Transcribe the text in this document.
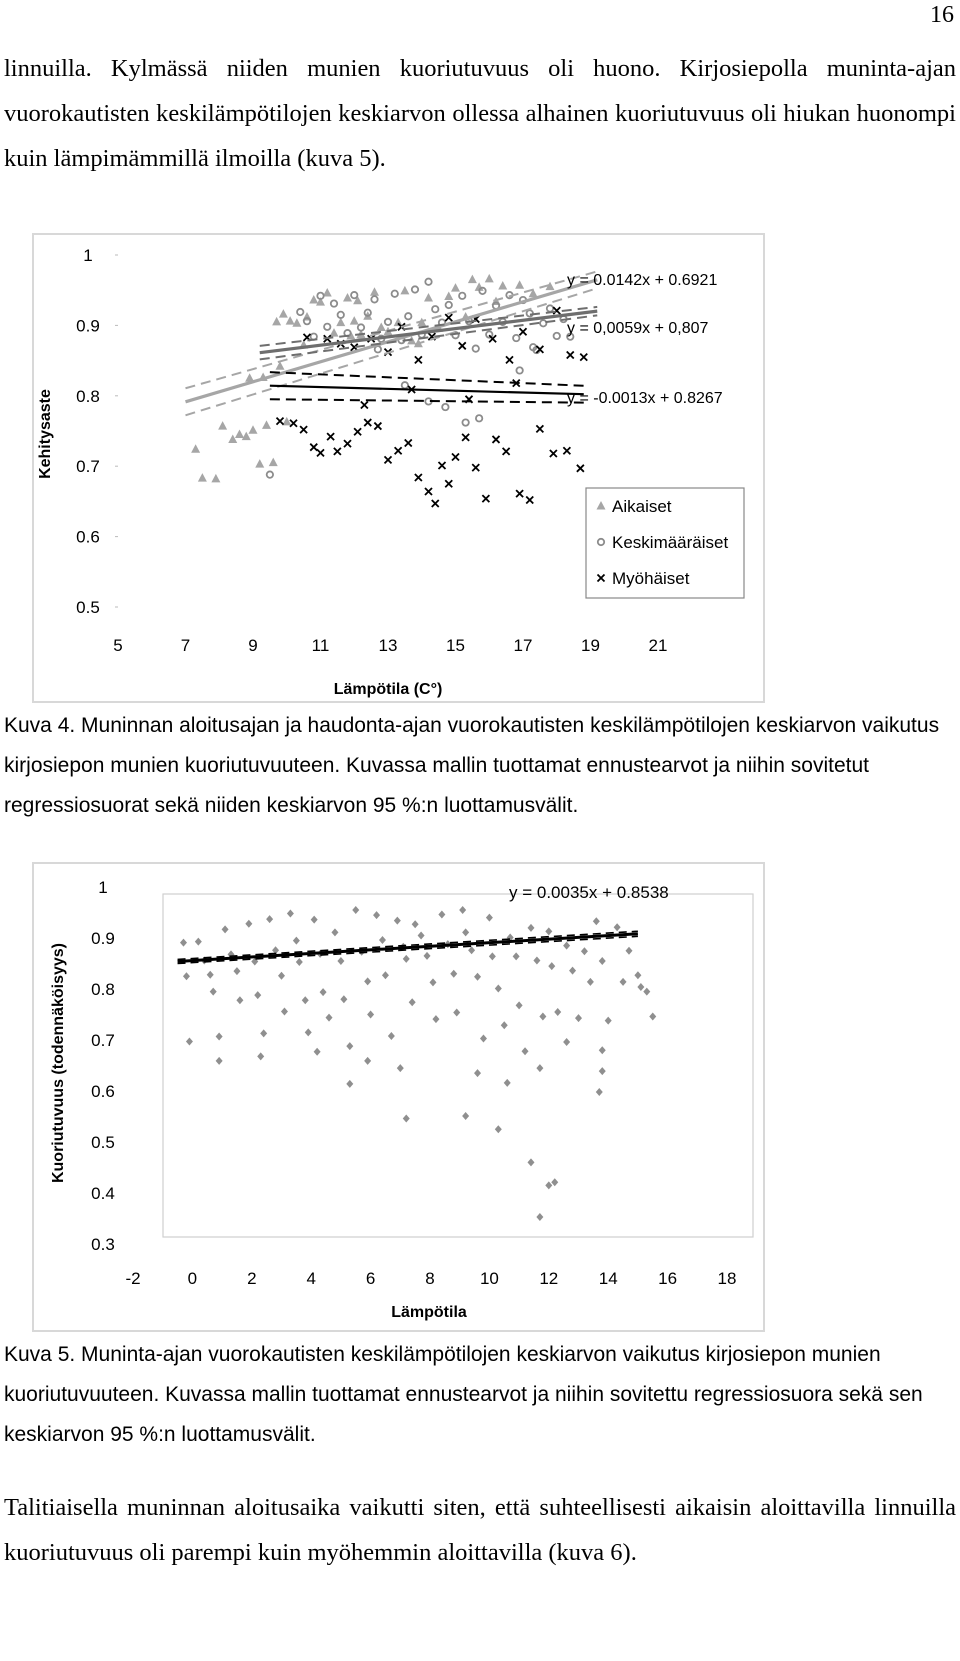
16
linnuilla. Kylmässä niiden munien kuoriutuvuus oli huono. Kirjosiepolla muninta-ajan vuorokautisten keskilämpötilojen keskiarvon ollessa alhainen kuoriutuvuus oli hiukan huonompi kuin lämpimämmillä ilmoilla (kuva 5).
0.5
0.6
0.7
0.8
0.9
1
5	7	9	11	13	15	17	19	21
Lämpötila (C°)
Kehitysaste
y = 0.0142x + 0.6921
y = 0,0059x + 0,807
y = -0.0013x + 0.8267
Aikaiset
Keskimääräiset
Myöhäiset
Kuva 4. Muninnan aloitusajan ja haudonta-ajan vuorokautisten keskilämpötilojen keskiarvon vaikutus kirjosiepon munien kuoriutuvuuteen. Kuvassa mallin tuottamat ennustearvot ja niihin sovitetut regressiosuorat sekä niiden keskiarvon 95 %:n luottamusvälit.
0.3
0.4
0.5
0.6
0.7
0.8
0.9
1
-2	0	2	4	6	8	10 12 14 16 18
Lämpötila
Kuoriutuvuus (todennäköisyys)
y = 0.0035x + 0.8538
Kuva 5. Muninta-ajan vuorokautisten keskilämpötilojen keskiarvon vaikutus kirjosiepon munien kuoriutuvuuteen. Kuvassa mallin tuottamat ennustearvot ja niihin sovitettu regressiosuora sekä sen keskiarvon 95 %:n luottamusvälit.
Talitiaisella muninnan aloitusaika vaikutti siten, että suhteellisesti aikaisin aloittavilla linnuilla kuoriutuvuus oli parempi kuin myöhemmin aloittavilla (kuva 6).
